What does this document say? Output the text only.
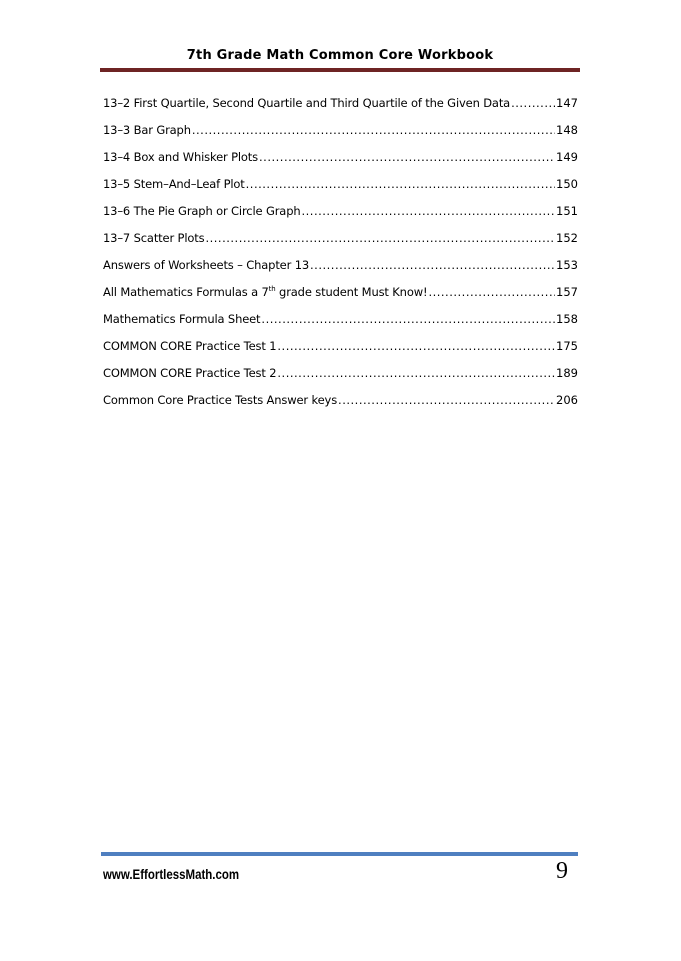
7th Grade Math Common Core Workbook
13–2 First Quartile, Second Quartile and Third Quartile of the Given Data .....	147
13–3 Bar Graph .....	148
13–4 Box and Whisker Plots .....	149
13–5 Stem–And–Leaf Plot .....	150
13–6 The Pie Graph or Circle Graph .....	151
13–7 Scatter Plots .....	152
Answers of Worksheets – Chapter 13 .....	153
All Mathematics Formulas a 7th grade student Must Know! .....	157
Mathematics Formula Sheet .....	158
COMMON CORE Practice Test 1 .....	175
COMMON CORE Practice Test 2 .....	189
Common Core Practice Tests Answer keys .....	206
www.EffortlessMath.com	9
